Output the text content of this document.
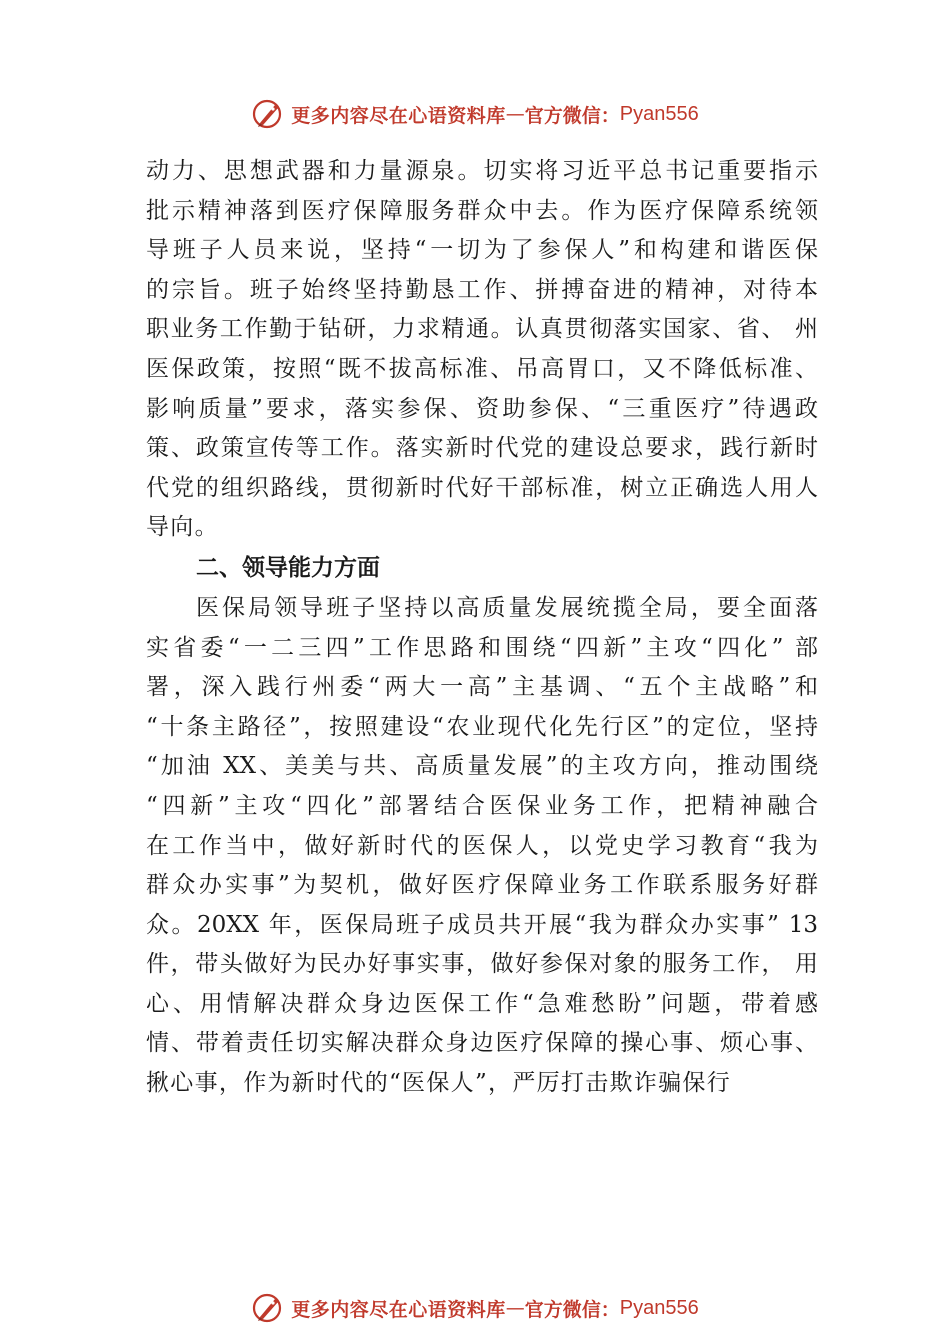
更多内容尽在心语资料库 — 官方微信： Pyan556
动力、思想武器和力量源泉。切实将习近平总书记重要指示
批示精神落到医疗保障服务群众中去。作为医疗保障系统领
导班子人员来说，坚持“一切为了参保人”和构建和谐医保
的宗旨。班子始终坚持勤恳工作、拼搏奋进的精神，对待本
职业务工作勤于钻研，力求精通。认真贯彻落实国家、省、 州
医保政策，按照“既不拔高标准、吊高胃口，又不降低标准、
影响质量”要求，落实参保、资助参保、“三重医疗”待遇政
策、政策宣传等工作。落实新时代党的建设总要求，践行新时
代党的组织路线，贯彻新时代好干部标准，树立正确选人用人
导向。
二、领导能力方面
医保局领导班子坚持以高质量发展统揽全局，要全面落
实省委“一二三四”工作思路和围绕“四新”主攻“四化” 部
署，深入践行州委“两大一高”主基调、“五个主战略”和
“十条主路径”，按照建设“农业现代化先行区”的定位，坚持
“加油 XX、美美与共、高质量发展”的主攻方向，推动围绕
“四新”主攻“四化”部署结合医保业务工作，把精神融合
在工作当中，做好新时代的医保人，以党史学习教育“我为
群众办实事”为契机，做好医疗保障业务工作联系服务好群
众。20XX 年，医保局班子成员共开展“我为群众办实事” 13
件，带头做好为民办好事实事，做好参保对象的服务工作， 用
心、用情解决群众身边医保工作“急难愁盼”问题，带着感
情、带着责任切实解决群众身边医疗保障的操心事、烦心事、
揪心事，作为新时代的“医保人”，严厉打击欺诈骗保行
更多内容尽在心语资料库 — 官方微信： Pyan556
